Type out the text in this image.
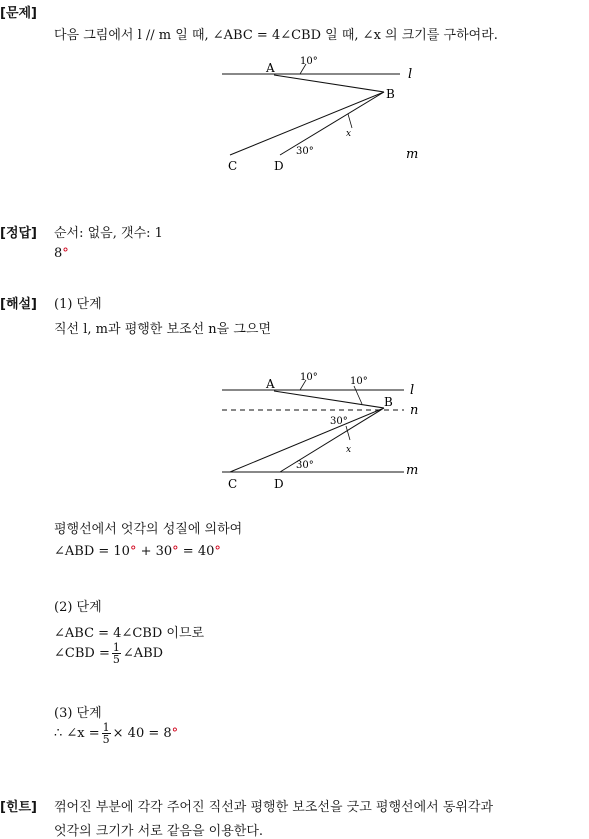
[문제]
다음 그림에서 l // m 일 때, ∠ABC = 4∠CBD 일 때, ∠x 의 크기를 구하여라.
A
B
C	D
l
m
10°
30°
x
[정답] 순서: 없음, 갯수: 1
8°
[해설] (1) 단계
직선 l, m과 평행한 보조선 n을 그으면
A
B
C	D
l
n
m
10°	10°
30°
30°
x
평행선에서 엇각의 성질에 의하여
∠ABD = 10° + 30° = 40°
(2) 단계
∠ABC = 4∠CBD 이므로
∠CBD = $\frac{1}{5}$ ∠ABD
(3) 단계
∴ ∠x = $\frac{1}{5} \times 40 = 8^\circ$
[힌트] 꺾어진 부분에 각각 주어진 직선과 평행한 보조선을 긋고 평행선에서 동위각과
엇각의 크기가 서로 같음을 이용한다.
